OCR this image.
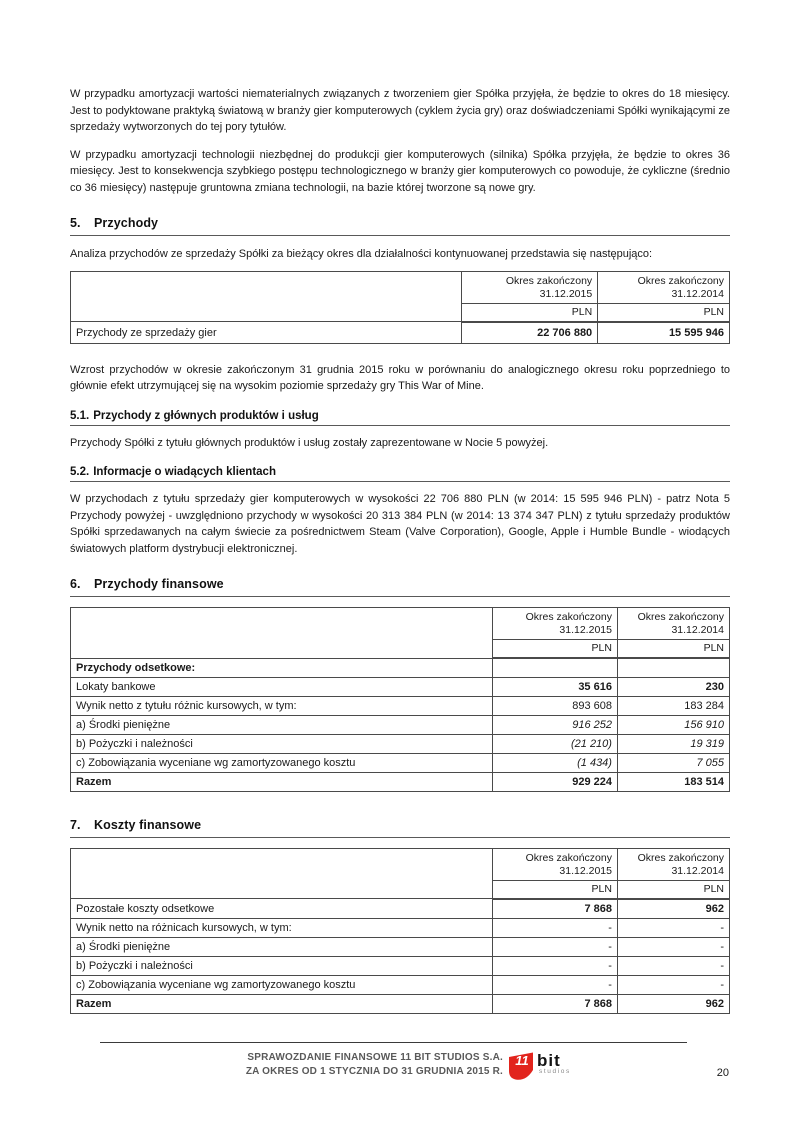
W przypadku amortyzacji wartości niematerialnych związanych z tworzeniem gier Spółka przyjęła, że będzie to okres do 18 miesięcy. Jest to podyktowane praktyką światową w branży gier komputerowych (cyklem życia gry) oraz doświadczeniami Spółki wynikającymi ze sprzedaży wytworzonych do tej pory tytułów.

W przypadku amortyzacji technologii niezbędnej do produkcji gier komputerowych (silnika) Spółka przyjęła, że będzie to okres 36 miesięcy. Jest to konsekwencja szybkiego postępu technologicznego w branży gier komputerowych co powoduje, że cykliczne (średnio co 36 miesięcy) następuje gruntowna zmiana technologii, na bazie której tworzone są nowe gry.

5. Przychody

Analiza przychodów ze sprzedaży Spółki za bieżący okres dla działalności kontynuowanej przedstawia się następująco:

	Okres zakończony
31.12.2015	Okres zakończony
31.12.2014
	PLN	PLN
Przychody ze sprzedaży gier	22 706 880	15 595 946

Wzrost przychodów w okresie zakończonym 31 grudnia 2015 roku w porównaniu do analogicznego okresu roku poprzedniego to głównie efekt utrzymującej się na wysokim poziomie sprzedaży gry This War of Mine.

5.1. Przychody z głównych produktów i usług

Przychody Spółki z tytułu głównych produktów i usług zostały zaprezentowane w Nocie 5 powyżej.

5.2. Informacje o wiadących klientach

W przychodach z tytułu sprzedaży gier komputerowych w wysokości 22 706 880 PLN (w 2014: 15 595 946 PLN) - patrz Nota 5 Przychody powyżej - uwzględniono przychody w wysokości 20 313 384 PLN (w 2014: 13 374 347 PLN) z tytułu sprzedaży produktów Spółki sprzedawanych na całym świecie za pośrednictwem Steam (Valve Corporation), Google, Apple i Humble Bundle - wiodących światowych platform dystrybucji elektronicznej.

6. Przychody finansowe
	Okres zakończony
31.12.2015	Okres zakończony
31.12.2014
	PLN	PLN
Przychody odsetkowe:		
Lokaty bankowe	35 616	230
Wynik netto z tytułu różnic kursowych, w tym:	893 608	183 284
a) Środki pieniężne	916 252	156 910
b) Pożyczki i należności	(21 210)	19 319
c) Zobowiązania wyceniane wg zamortyzowanego kosztu	(1 434)	7 055
Razem	929 224	183 514
7. Koszty finansowe
	Okres zakończony
31.12.2015	Okres zakończony
31.12.2014
	PLN	PLN
Pozostałe koszty odsetkowe	7 868	962
Wynik netto na różnicach kursowych, w tym:	-	-
a) Środki pieniężne	-	-
b) Pożyczki i należności	-	-
c) Zobowiązania wyceniane wg zamortyzowanego kosztu	-	-
Razem	7 868	962
SPRAWOZDANIE FINANSOWE 11 BIT STUDIOS S.A.
ZA OKRES OD 1 STYCZNIA DO 31 GRUDNIA 2015 R.
11 bit
studios	20
